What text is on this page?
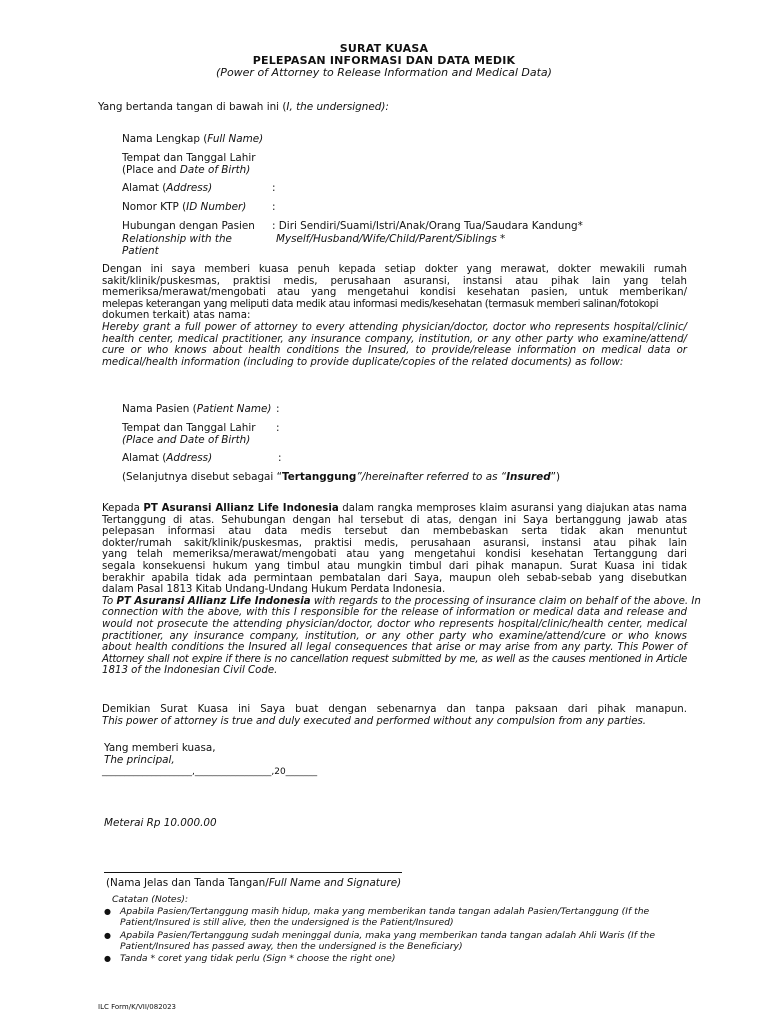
SURAT KUASA
PELEPASAN INFORMASI DAN DATA MEDIK
(Power of Attorney to Release Information and Medical Data)
Yang bertanda tangan di bawah ini (I, the undersigned):
Nama Lengkap (Full Name)
Tempat dan Tanggal Lahir
(Place and Date of Birth)
Alamat (Address)	:
Nomor KTP (ID Number) :
Hubungan dengan Pasien
Relationship with the
Patient
: Diri Sendiri/Suami/Istri/Anak/Orang Tua/Saudara Kandung*
Myself/Husband/Wife/Child/Parent/Siblings *
Dengan ini saya memberi kuasa penuh kepada setiap dokter yang merawat, dokter mewakili rumah
sakit/klinik/puskesmas, praktisi medis, perusahaan asuransi, instansi atau pihak lain yang telah
memeriksa/merawat/mengobati atau yang mengetahui kondisi kesehatan pasien, untuk memberikan/
melepas keterangan yang meliputi data medik atau informasi medis/kesehatan (termasuk memberi salinan/fotokopi
dokumen terkait) atas nama:
Hereby grant a full power of attorney to every attending physician/doctor, doctor who represents hospital/clinic/
health center, medical practitioner, any insurance company, institution, or any other party who examine/attend/
cure or who knows about health conditions the Insured, to provide/release information on medical data or
medical/health information (including to provide duplicate/copies of the related documents) as follow:
Nama Pasien (Patient Name) :
Tempat dan Tanggal Lahir :
(Place and Date of Birth)
Alamat (Address)	:
(Selanjutnya disebut sebagai “Tertanggung”/hereinafter referred to as “Insured”)
Kepada PT Asuransi Allianz Life Indonesia dalam rangka memproses klaim asuransi yang diajukan atas nama
Tertanggung di atas. Sehubungan dengan hal tersebut di atas, dengan ini Saya bertanggung jawab atas
pelepasan informasi atau data medis tersebut dan membebaskan serta tidak akan menuntut
dokter/rumah sakit/klinik/puskesmas, praktisi medis, perusahaan asuransi, instansi atau pihak lain
yang telah memeriksa/merawat/mengobati atau yang mengetahui kondisi kesehatan Tertanggung dari
segala konsekuensi hukum yang timbul atau mungkin timbul dari pihak manapun. Surat Kuasa ini tidak
berakhir apabila tidak ada permintaan pembatalan dari Saya, maupun oleh sebab-sebab yang disebutkan
dalam Pasal 1813 Kitab Undang-Undang Hukum Perdata Indonesia.
To PT Asuransi Allianz Life Indonesia with regards to the processing of insurance claim on behalf of the above. In
connection with the above, with this I responsible for the release of information or medical data and release and
would not prosecute the attending physician/doctor, doctor who represents hospital/clinic/health center, medical
practitioner, any insurance company, institution, or any other party who examine/attend/cure or who knows
about health conditions the Insured all legal consequences that arise or may arise from any party. This Power of
Attorney shall not expire if there is no cancellation request submitted by me, as well as the causes mentioned in Article
1813 of the Indonesian Civil Code.
Demikian Surat Kuasa ini Saya buat dengan sebenarnya dan tanpa paksaan dari pihak manapun.
This power of attorney is true and duly executed and performed without any compulsion from any parties.
Yang memberi kuasa,
The principal,
____________________,_________________,20_______
Meterai Rp 10.000.00
(Nama Jelas dan Tanda Tangan/Full Name and Signature)
Catatan (Notes):
● Apabila Pasien/Tertanggung masih hidup, maka yang memberikan tanda tangan adalah Pasien/Tertanggung (If the
Patient/Insured is still alive, then the undersigned is the Patient/Insured)
● Apabila Pasien/Tertanggung sudah meninggal dunia, maka yang memberikan tanda tangan adalah Ahli Waris (If the
Patient/Insured has passed away, then the undersigned is the Beneficiary)
● Tanda * coret yang tidak perlu (Sign * choose the right one)
ILC Form/K/VII/082023
